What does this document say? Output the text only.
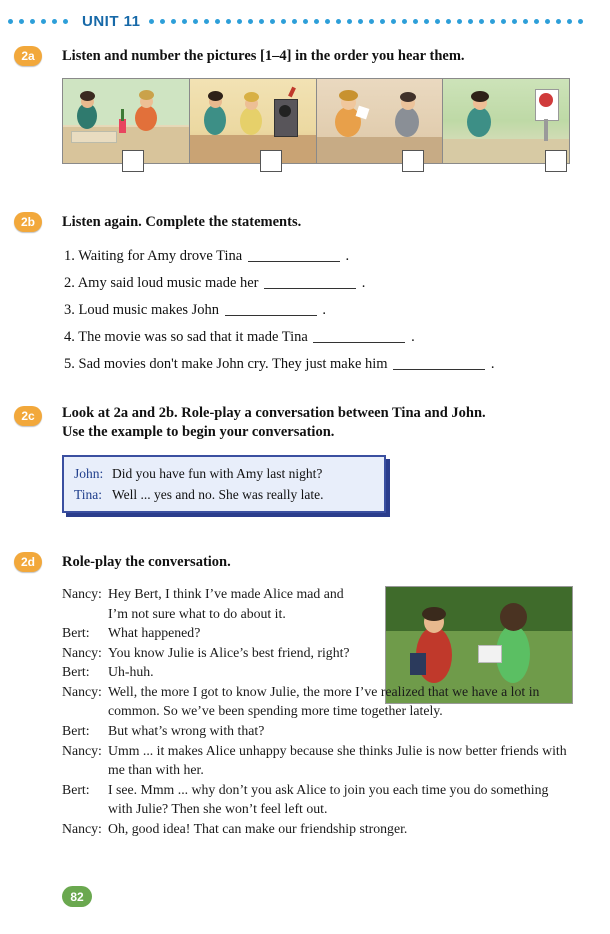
UNIT 11
2a	Listen and number the pictures [1–4] in the order you hear them.
2b	Listen again. Complete the statements.
1. Waiting for Amy drove Tina	.
2. Amy said loud music made her	.
3. Loud music makes John	.
4. The movie was so sad that it made Tina	.
5. Sad movies don't make John cry. They just make him	.
2c	Look at 2a and 2b. Role-play a conversation between Tina and John.
Use the example to begin your conversation.
John: Did you have fun with Amy last night?
Tina: Well ... yes and no. She was really late.
2d	Role-play the conversation.
Nancy: Hey Bert, I think I’ve made Alice mad and I’m not sure what to do about it.
Bert:	What happened?
Nancy: You know Julie is Alice’s best friend, right?
Bert:	Uh-huh.
Nancy: Well, the more I got to know Julie, the more I’ve realized that we have a lot in common. So we’ve been spending more time together lately.
Bert:	But what’s wrong with that?
Nancy: Umm ... it makes Alice unhappy because she thinks Julie is now better friends with me than with her.
Bert:	I see. Mmm ... why don’t you ask Alice to join you each time you do something with Julie? Then she won’t feel left out.
Nancy: Oh, good idea! That can make our friendship stronger.
82
